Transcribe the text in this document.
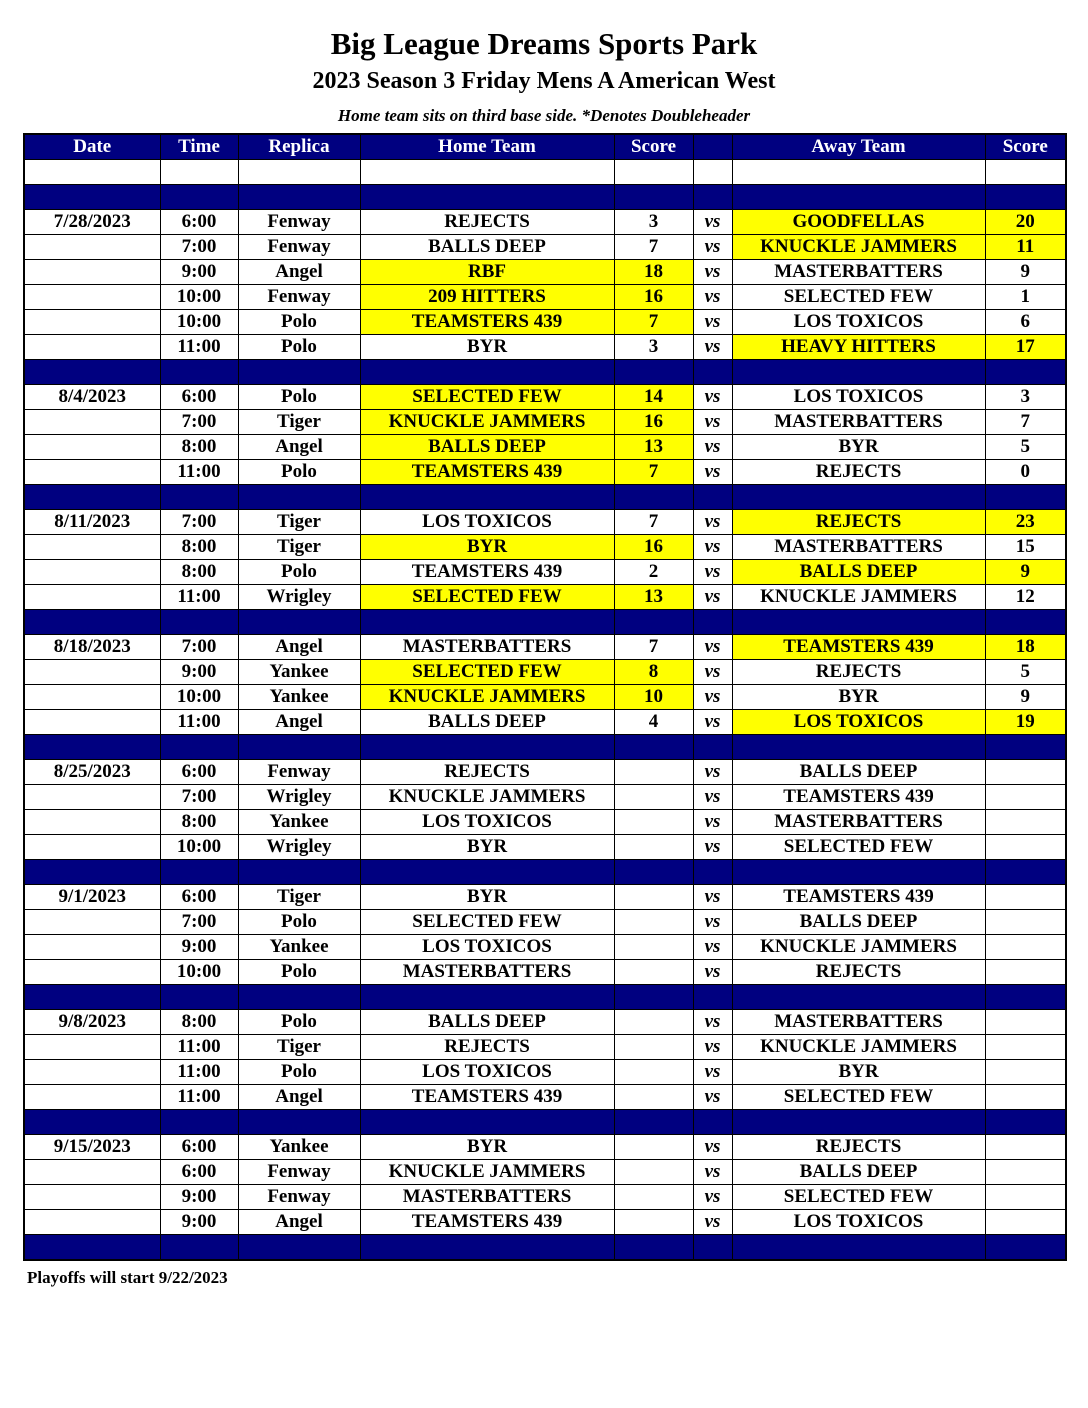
Big League Dreams Sports Park
2023 Season 3 Friday Mens A American West
Home team sits on third base side. *Denotes Doubleheader
Date	Time	Replica	Home Team	Score		Away Team	Score

7/28/2023	6:00	Fenway	REJECTS	3	vs	GOODFELLAS	20
	7:00	Fenway	BALLS DEEP	7	vs	KNUCKLE JAMMERS	11
	9:00	Angel	RBF	18	vs	MASTERBATTERS	9
	10:00	Fenway	209 HITTERS	16	vs	SELECTED FEW	1
	10:00	Polo	TEAMSTERS 439	7	vs	LOS TOXICOS	6
	11:00	Polo	BYR	3	vs	HEAVY HITTERS	17

8/4/2023	6:00	Polo	SELECTED FEW	14	vs	LOS TOXICOS	3
	7:00	Tiger	KNUCKLE JAMMERS	16	vs	MASTERBATTERS	7
	8:00	Angel	BALLS DEEP	13	vs	BYR	5
	11:00	Polo	TEAMSTERS 439	7	vs	REJECTS	0

8/11/2023	7:00	Tiger	LOS TOXICOS	7	vs	REJECTS	23
	8:00	Tiger	BYR	16	vs	MASTERBATTERS	15
	8:00	Polo	TEAMSTERS 439	2	vs	BALLS DEEP	9
	11:00	Wrigley	SELECTED FEW	13	vs	KNUCKLE JAMMERS	12

8/18/2023	7:00	Angel	MASTERBATTERS	7	vs	TEAMSTERS 439	18
	9:00	Yankee	SELECTED FEW	8	vs	REJECTS	5
	10:00	Yankee	KNUCKLE JAMMERS	10	vs	BYR	9
	11:00	Angel	BALLS DEEP	4	vs	LOS TOXICOS	19

8/25/2023	6:00	Fenway	REJECTS		vs	BALLS DEEP	
	7:00	Wrigley	KNUCKLE JAMMERS		vs	TEAMSTERS 439	
	8:00	Yankee	LOS TOXICOS		vs	MASTERBATTERS	
	10:00	Wrigley	BYR		vs	SELECTED FEW	

9/1/2023	6:00	Tiger	BYR		vs	TEAMSTERS 439	
	7:00	Polo	SELECTED FEW		vs	BALLS DEEP	
	9:00	Yankee	LOS TOXICOS		vs	KNUCKLE JAMMERS	
	10:00	Polo	MASTERBATTERS		vs	REJECTS	

9/8/2023	8:00	Polo	BALLS DEEP		vs	MASTERBATTERS	
	11:00	Tiger	REJECTS		vs	KNUCKLE JAMMERS	
	11:00	Polo	LOS TOXICOS		vs	BYR	
	11:00	Angel	TEAMSTERS 439		vs	SELECTED FEW	

9/15/2023	6:00	Yankee	BYR		vs	REJECTS	
	6:00	Fenway	KNUCKLE JAMMERS		vs	BALLS DEEP	
	9:00	Fenway	MASTERBATTERS		vs	SELECTED FEW	
	9:00	Angel	TEAMSTERS 439		vs	LOS TOXICOS	

Playoffs will start 9/22/2023
